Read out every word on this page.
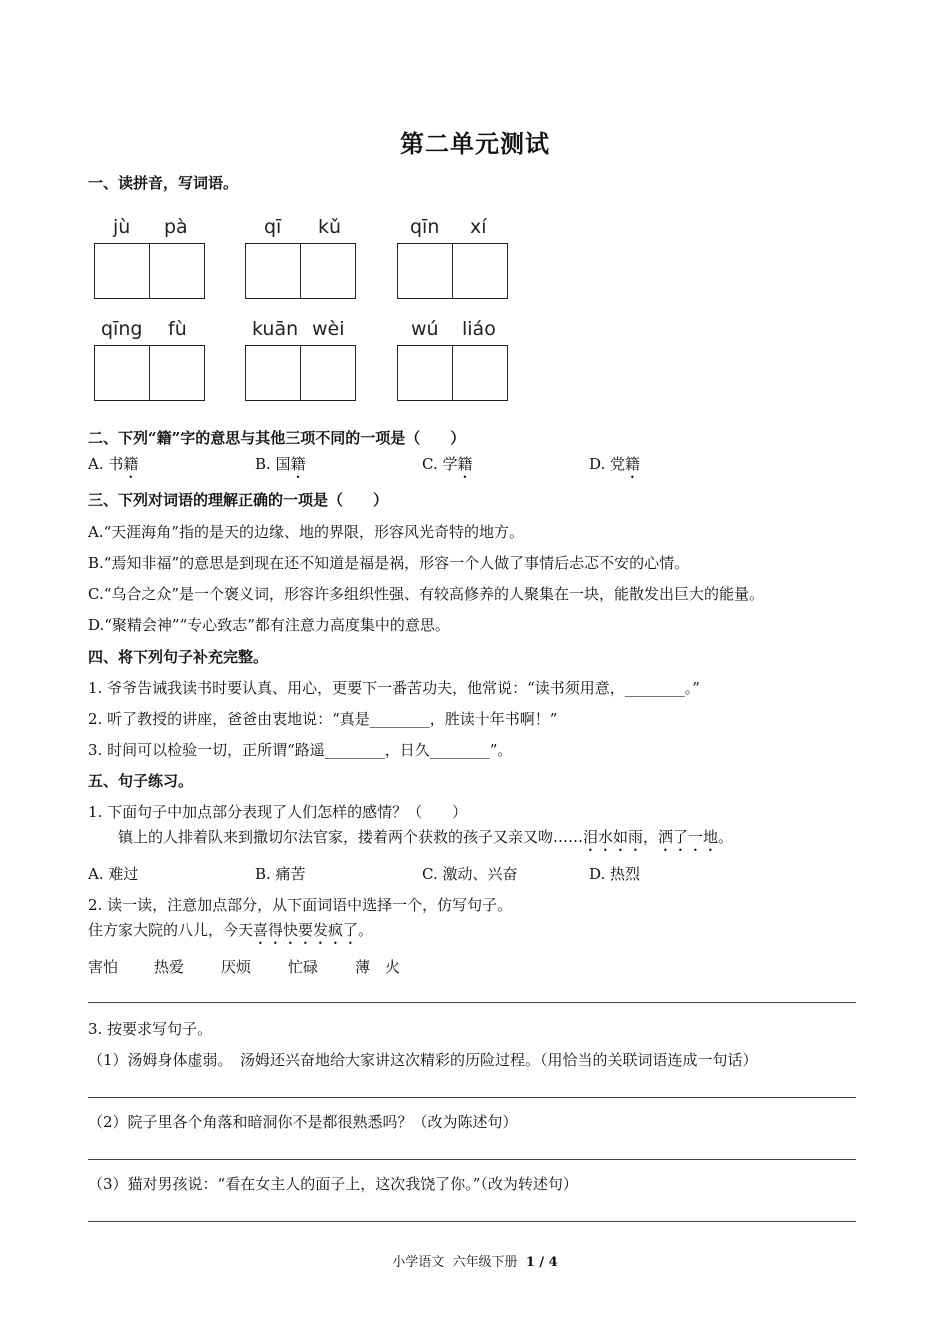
第二单元测试
一、读拼音，写词语。
jù pà	qī kǔ	qīn xí
qīng fù	kuān wèi	wú liáo
二、下列“籍”字的意思与其他三项不同的一项是（　　）
A. 书籍	B. 国籍	C. 学籍	D. 党籍
三、下列对词语的理解正确的一项是（　　）
A.“天涯海角”指的是天的边缘、地的界限，形容风光奇特的地方。
B.“焉知非福”的意思是到现在还不知道是福是祸，形容一个人做了事情后忐忑不安的心情。
C.“乌合之众”是一个褒义词，形容许多组织性强、有较高修养的人聚集在一块，能散发出巨大的能量。
D.“聚精会神”“专心致志”都有注意力高度集中的意思。
四、将下列句子补充完整。
1. 爷爷告诫我读书时要认真、用心，更要下一番苦功夫，他常说：“读书须用意，________。”
2. 听了教授的讲座，爸爸由衷地说：“真是________，胜读十年书啊！”
3. 时间可以检验一切，正所谓“路遥________，日久________”。
五、句子练习。
1. 下面句子中加点部分表现了人们怎样的感情？（　　）
镇上的人排着队来到撒切尔法官家，搂着两个获救的孩子又亲又吻……泪水如雨，洒了一地。
A. 难过	B. 痛苦	C. 激动、兴奋	D. 热烈
2. 读一读，注意加点部分，从下面词语中选择一个，仿写句子。
住方家大院的八儿，今天喜得快要发疯了。
害怕 热爱 厌烦 忙碌 薄　火
3. 按要求写句子。
（1）汤姆身体虚弱。　汤姆还兴奋地给大家讲这次精彩的历险过程。（用恰当的关联词语连成一句话）
（2）院子里各个角落和暗洞你不是都很熟悉吗？（改为陈述句）
（3）猫对男孩说：“看在女主人的面子上，这次我饶了你。”（改为转述句）
小学语文  六年级下册  1 / 4
